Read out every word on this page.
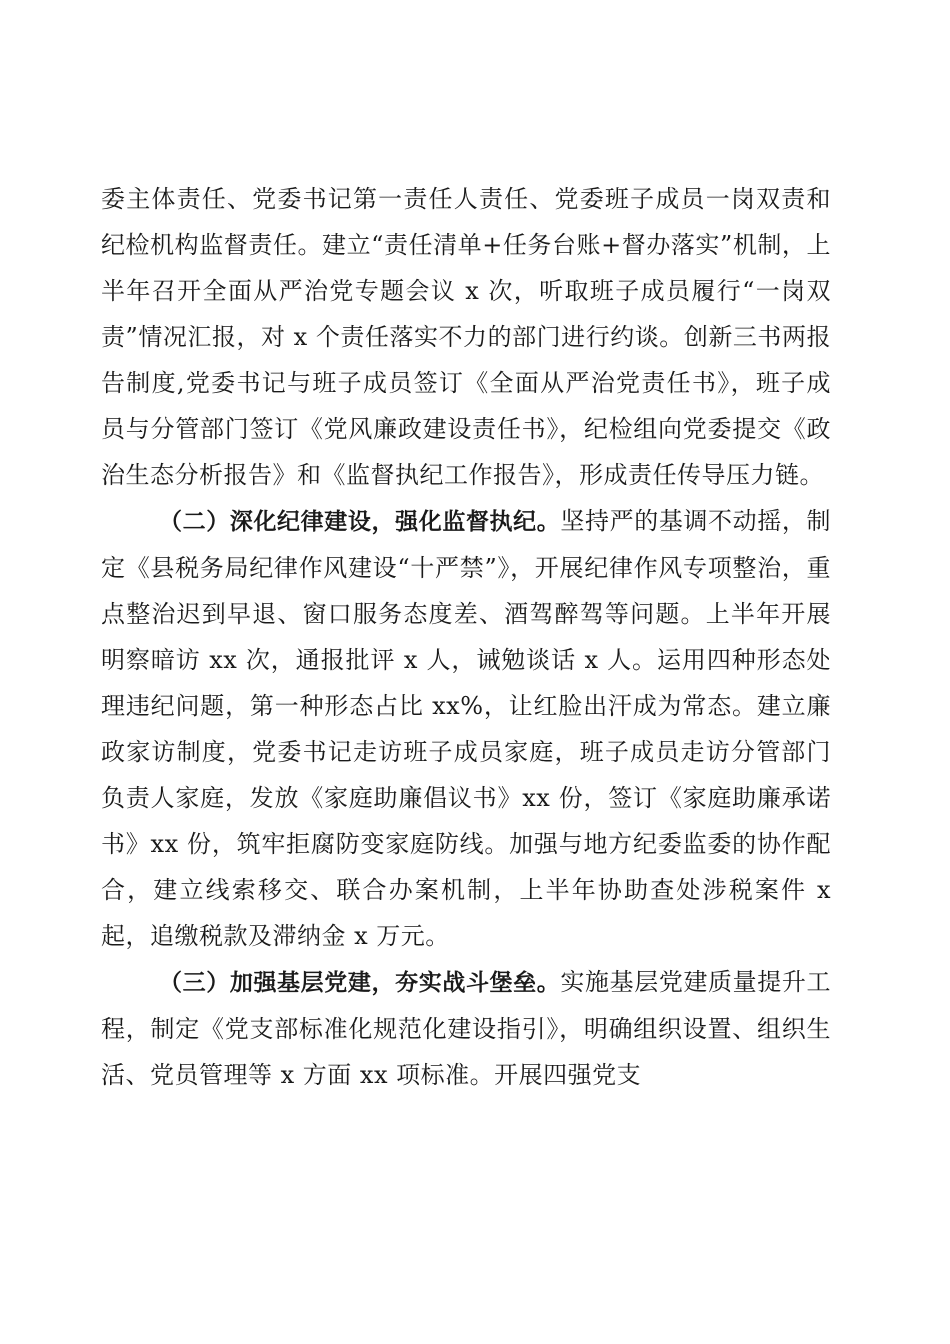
委主体责任、党委书记第一责任人责任、党委班子成员一岗双责和纪检机构监督责任。建立“责任清单+任务台账+督办落实”机制，上半年召开全面从严治党专题会议 x 次，听取班子成员履行“一岗双责”情况汇报，对 x 个责任落实不力的部门进行约谈。创新三书两报告制度,党委书记与班子成员签订《全面从严治党责任书》，班子成员与分管部门签订《党风廉政建设责任书》，纪检组向党委提交《政治生态分析报告》和《监督执纪工作报告》，形成责任传导压力链。

（二）深化纪律建设，强化监督执纪。坚持严的基调不动摇，制定《县税务局纪律作风建设“十严禁”》，开展纪律作风专项整治，重点整治迟到早退、窗口服务态度差、酒驾醉驾等问题。上半年开展明察暗访 xx 次，通报批评 x 人，诫勉谈话 x 人。运用四种形态处理违纪问题，第一种形态占比 xx%，让红脸出汗成为常态。建立廉政家访制度，党委书记走访班子成员家庭，班子成员走访分管部门负责人家庭，发放《家庭助廉倡议书》xx 份，签订《家庭助廉承诺书》xx 份，筑牢拒腐防变家庭防线。加强与地方纪委监委的协作配合，建立线索移交、联合办案机制，上半年协助查处涉税案件 x 起，追缴税款及滞纳金 x 万元。

（三）加强基层党建，夯实战斗堡垒。实施基层党建质量提升工程，制定《党支部标准化规范化建设指引》，明确组织设置、组织生活、党员管理等 x 方面 xx 项标准。开展四强党支
